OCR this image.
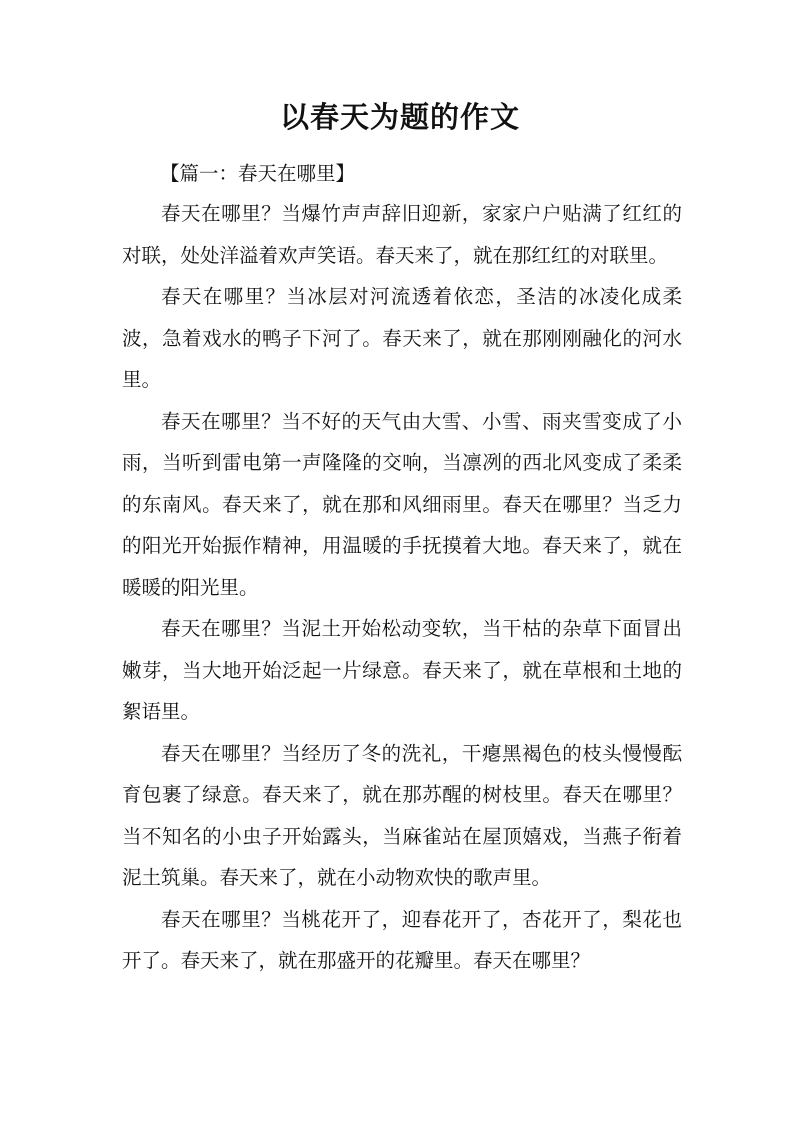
以春天为题的作文

【篇一：春天在哪里】

春天在哪里？当爆竹声声辞旧迎新，家家户户贴满了红红的对联，处处洋溢着欢声笑语。春天来了，就在那红红的对联里。

春天在哪里？当冰层对河流透着依恋，圣洁的冰凌化成柔波，急着戏水的鸭子下河了。春天来了，就在那刚刚融化的河水里。

春天在哪里？当不好的天气由大雪、小雪、雨夹雪变成了小雨，当听到雷电第一声隆隆的交响，当凛冽的西北风变成了柔柔的东南风。春天来了，就在那和风细雨里。春天在哪里？当乏力的阳光开始振作精神，用温暖的手抚摸着大地。春天来了，就在暖暖的阳光里。

春天在哪里？当泥土开始松动变软，当干枯的杂草下面冒出嫩芽，当大地开始泛起一片绿意。春天来了，就在草根和土地的絮语里。

春天在哪里？当经历了冬的洗礼，干瘪黑褐色的枝头慢慢酝育包裹了绿意。春天来了，就在那苏醒的树枝里。春天在哪里？当不知名的小虫子开始露头，当麻雀站在屋顶嬉戏，当燕子衔着泥土筑巢。春天来了，就在小动物欢快的歌声里。

春天在哪里？当桃花开了，迎春花开了，杏花开了，梨花也开了。春天来了，就在那盛开的花瓣里。春天在哪里？
